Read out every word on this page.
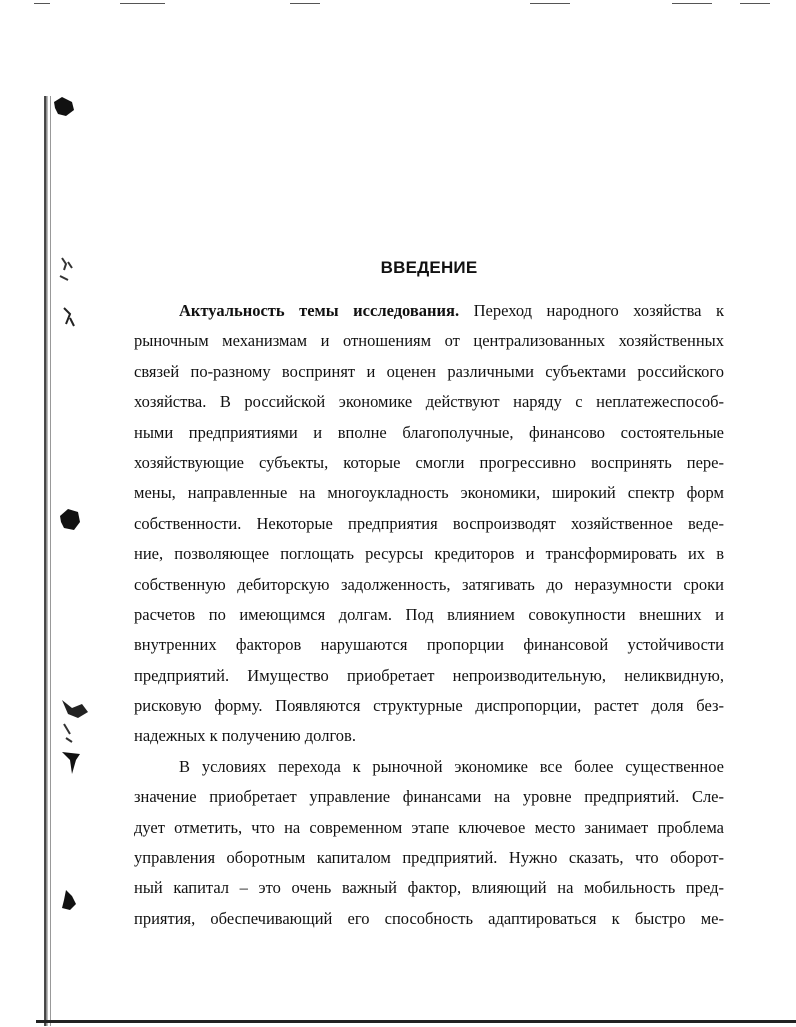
ВВЕДЕНИЕ
Актуальность темы исследования. Переход народного хозяйства к
рыночным механизмам и отношениям от централизованных хозяйственных
связей по-разному воспринят и оценен различными субъектами российского
хозяйства. В российской экономике действуют наряду с неплатежеспособ-
ными предприятиями и вполне благополучные, финансово состоятельные
хозяйствующие субъекты, которые смогли прогрессивно воспринять пере-
мены, направленные на многоукладность экономики, широкий спектр форм
собственности. Некоторые предприятия воспроизводят хозяйственное веде-
ние, позволяющее поглощать ресурсы кредиторов и трансформировать их в
собственную дебиторскую задолженность, затягивать до неразумности сроки
расчетов по имеющимся долгам. Под влиянием совокупности внешних и
внутренних факторов нарушаются пропорции финансовой устойчивости
предприятий. Имущество приобретает непроизводительную, неликвидную,
рисковую форму. Появляются структурные диспропорции, растет доля без-
надежных к получению долгов.
В условиях перехода к рыночной экономике все более существенное
значение приобретает управление финансами на уровне предприятий. Сле-
дует отметить, что на современном этапе ключевое место занимает проблема
управления оборотным капиталом предприятий. Нужно сказать, что оборот-
ный капитал – это очень важный фактор, влияющий на мобильность пред-
приятия, обеспечивающий его способность адаптироваться к быстро ме-
